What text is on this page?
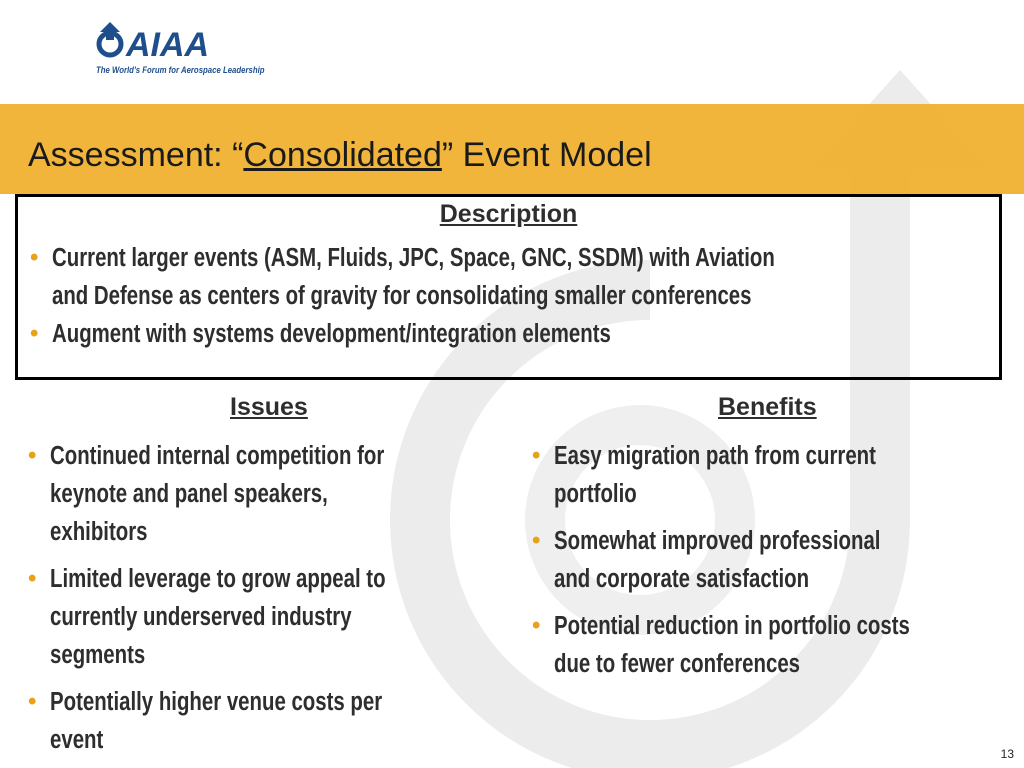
AIAA
The World's Forum for Aerospace Leadership
Assessment: “Consolidated” Event Model
Description
• Current larger events (ASM, Fluids, JPC, Space, GNC, SSDM) with Aviation
and Defense as centers of gravity for consolidating smaller conferences
• Augment with systems development/integration elements
Issues
• Continued internal competition for
keynote and panel speakers,
exhibitors
• Limited leverage to grow appeal to
currently underserved industry
segments
• Potentially higher venue costs per
event
Benefits
• Easy migration path from current
portfolio
• Somewhat improved professional
and corporate satisfaction
• Potential reduction in portfolio costs
due to fewer conferences
13
